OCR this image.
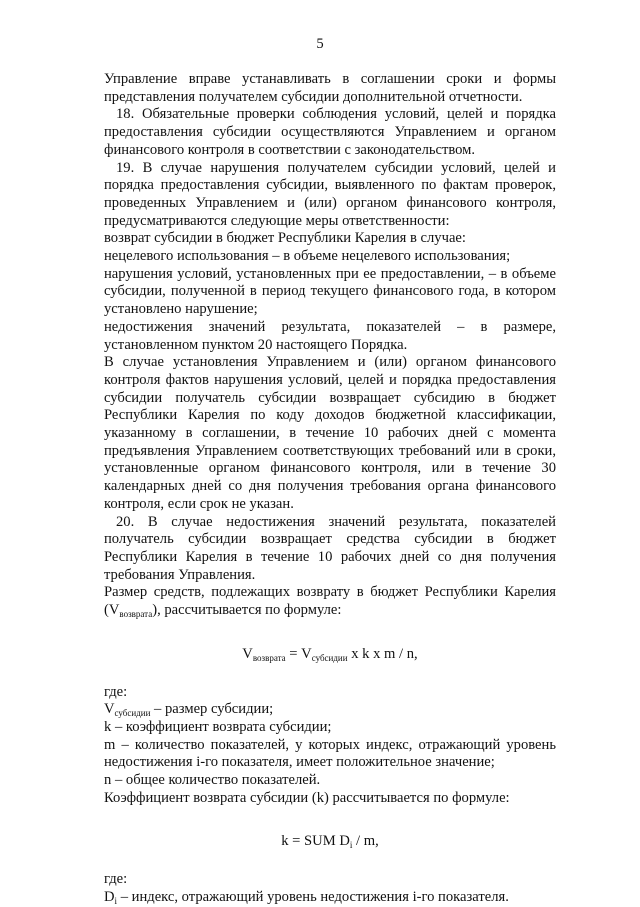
5

Управление вправе устанавливать в соглашении сроки и формы представления получателем субсидии дополнительной отчетности.

18. Обязательные проверки соблюдения условий, целей и порядка предоставления субсидии осуществляются Управлением и органом финансового контроля в соответствии с законодательством.

19. В случае нарушения получателем субсидии условий, целей и порядка предоставления субсидии, выявленного по фактам проверок, проведенных Управлением и (или) органом финансового контроля, предусматриваются следующие меры ответственности:

возврат субсидии в бюджет Республики Карелия в случае:

нецелевого использования – в объеме нецелевого использования;

нарушения условий, установленных при ее предоставлении, – в объеме субсидии, полученной в период текущего финансового года, в котором установлено нарушение;

недостижения значений результата, показателей – в размере, установленном пунктом 20 настоящего Порядка.

В случае установления Управлением и (или) органом финансового контроля фактов нарушения условий, целей и порядка предоставления субсидии получатель субсидии возвращает субсидию в бюджет Республики Карелия по коду доходов бюджетной классификации, указанному в соглашении, в течение 10 рабочих дней с момента предъявления Управлением соответствующих требований или в сроки, установленные органом финансового контроля, или в течение 30 календарных дней со дня получения требования органа финансового контроля, если срок не указан.

20. В случае недостижения значений результата, показателей получатель субсидии возвращает средства субсидии в бюджет Республики Карелия в течение 10 рабочих дней со дня получения требования Управления.

Размер средств, подлежащих возврату в бюджет Республики Карелия $(V_{возврата})$, рассчитывается по формуле:

$V_{возврата} = V_{субсидии}$ x k x m / n,

где:

$V_{субсидии}$ – размер субсидии;

k – коэффициент возврата субсидии;

m – количество показателей, у которых индекс, отражающий уровень недостижения i-го показателя, имеет положительное значение;

n – общее количество показателей.

Коэффициент возврата субсидии (k) рассчитывается по формуле:

k = SUM $D_i$ / m,

где:

$D_i$ – индекс, отражающий уровень недостижения i-го показателя.
